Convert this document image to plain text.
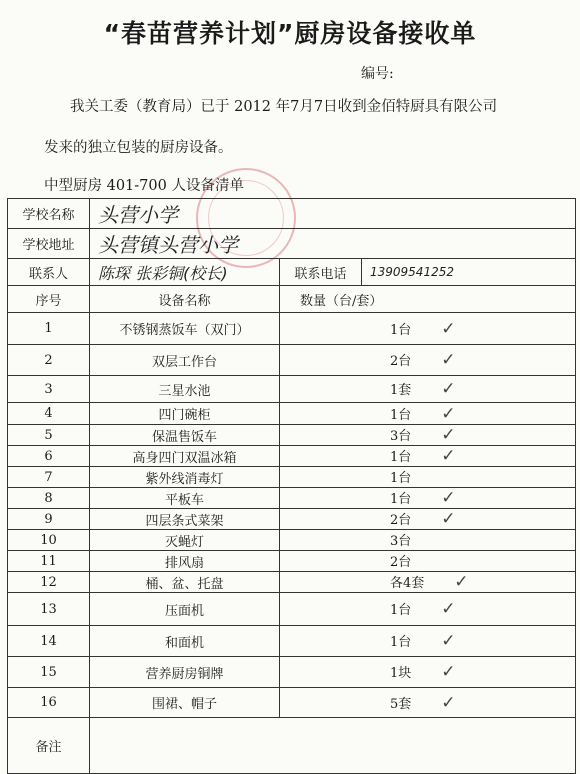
“春苗营养计划”厨房设备接收单
编号:
我关工委（教育局）已于 2012 年7月7日收到金佰特厨具有限公司
发来的独立包装的厨房设备。
中型厨房 401-700 人设备清单
学校名称	头营小学		
学校地址	头营镇头营小学		
联系人	陈琛 张彩铜(校长)	联系电话	13909541252
序号	设备名称	数量（台/套）	
1	不锈钢蒸饭车（双门）	1台 ✓	
2	双层工作台	2台 ✓	
3	三星水池	1套 ✓	
4	四门碗柜	1台 ✓	
5	保温售饭车	3台 ✓	
6	高身四门双温冰箱	1台 ✓	
7	紫外线消毒灯	1台	
8	平板车	1台 ✓	
9	四层条式菜架	2台 ✓	
10	灭蝇灯	3台	
11	排风扇	2台	
12	桶、盆、托盘	各4套 ✓	
13	压面机	1台 ✓	
14	和面机	1台 ✓	
15	营养厨房铜牌	1块 ✓	
16	围裙、帽子	5套 ✓	
备注			
